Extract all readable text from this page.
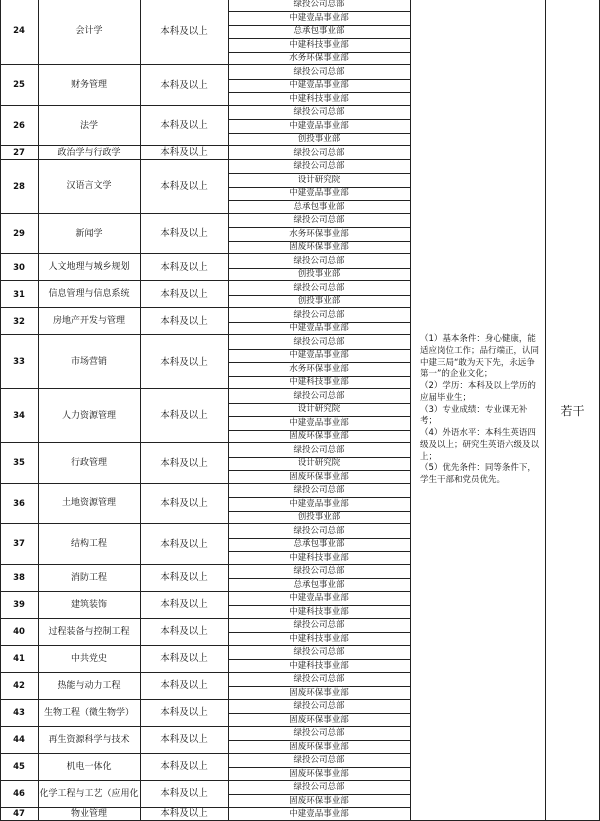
（1）基本条件：身心健康，能
适应岗位工作；品行端正，认同
中建三局“敢为天下先，永远争
第一”的企业文化；
（2）学历：本科及以上学历的
应届毕业生；
（3）专业成绩：专业课无补
考；
（4）外语水平：本科生英语四
级及以上；研究生英语六级及以
上；
（5）优先条件：同等条件下，
学生干部和党员优先。
若干
24	会计学	本科及以上
绿投公司总部
中建壹品事业部
总承包事业部
中建科技事业部
水务环保事业部
25	财务管理	本科及以上
绿投公司总部
中建壹品事业部
中建科技事业部
26	法学	本科及以上
绿投公司总部
中建壹品事业部
创投事业部
27	政治学与行政学	本科及以上	绿投公司总部
28	汉语言文学	本科及以上
绿投公司总部
设计研究院
中建壹品事业部
总承包事业部
29	新闻学	本科及以上
绿投公司总部
水务环保事业部
固废环保事业部
30	人文地理与城乡规划	本科及以上
绿投公司总部
创投事业部
31	信息管理与信息系统	本科及以上
绿投公司总部
创投事业部
32	房地产开发与管理	本科及以上
绿投公司总部
中建壹品事业部
33	市场营销	本科及以上
绿投公司总部
中建壹品事业部
水务环保事业部
中建科技事业部
34	人力资源管理	本科及以上
绿投公司总部
设计研究院
中建壹品事业部
固废环保事业部
35	行政管理	本科及以上
绿投公司总部
设计研究院
固废环保事业部
36	土地资源管理	本科及以上
绿投公司总部
中建壹品事业部
创投事业部
37	结构工程	本科及以上
绿投公司总部
总承包事业部
中建科技事业部
38	消防工程	本科及以上
绿投公司总部
总承包事业部
39	建筑装饰	本科及以上
中建壹品事业部
中建科技事业部
40	过程装备与控制工程	本科及以上
绿投公司总部
中建科技事业部
41	中共党史	本科及以上
绿投公司总部
中建科技事业部
42	热能与动力工程	本科及以上
绿投公司总部
固废环保事业部
43	生物工程（微生物学）	本科及以上
绿投公司总部
固废环保事业部
44	再生资源科学与技术	本科及以上
绿投公司总部
固废环保事业部
45	机电一体化	本科及以上
绿投公司总部
固废环保事业部
46	化学工程与工艺（应用化	本科及以上
绿投公司总部
固废环保事业部
47	物业管理	本科及以上	中建壹品事业部
